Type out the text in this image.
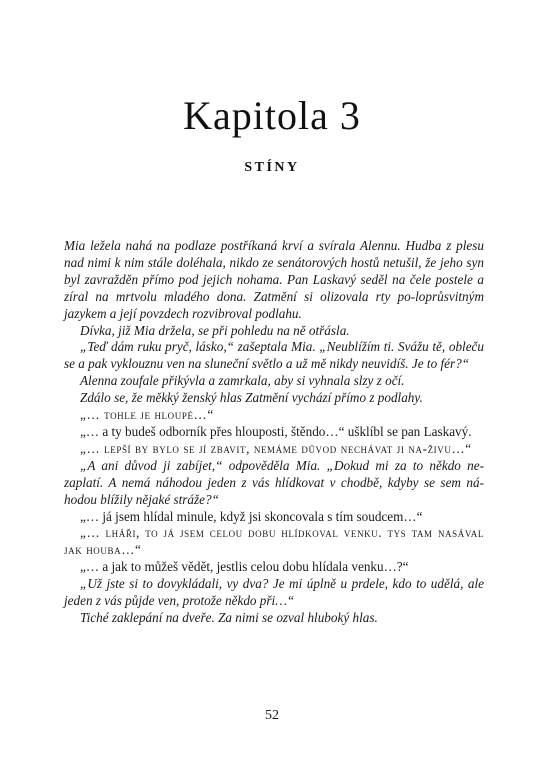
Kapitola 3
STÍNY

Mia ležela nahá na podlaze postříkaná krví a svírala Alennu. Hudba z plesu nad nimi k nim stále doléhala, nikdo ze senátorových hostů netušil, že jeho syn byl zavražděn přímo pod jejich nohama. Pan Laskavý seděl na čele postele a zíral na mrtvolu mladého dona. Zatmění si olizovala rty po-loprůsvitným jazykem a její povzdech rozvibroval podlahu.

Dívka, již Mia držela, se při pohledu na ně otřásla.

„Teď dám ruku pryč, lásko,“ zašeptala Mia. „Neublížím ti. Svážu tě, obleču se a pak vyklouznu ven na sluneční světlo a už mě nikdy neuvidíš. Je to fér?“

Alenna zoufale přikývla a zamrkala, aby si vyhnala slzy z očí.

Zdálo se, že měkký ženský hlas Zatmění vychází přímo z podlahy.

„… tohle je hloupé…“

„… a ty budeš odborník přes hlouposti, štěndo…“ ušklíbl se pan Laskavý.

„… lepší by bylo se jí zbavit, nemáme důvod nechávat ji na-živu…“

„A ani důvod ji zabíjet,“ odpověděla Mia. „Dokud mi za to někdo ne-zaplatí. A nemá náhodou jeden z vás hlídkovat v chodbě, kdyby se sem ná-hodou blížily nějaké stráže?“

„… já jsem hlídal minule, když jsi skoncovala s tím soudcem…“

„… lháři, to já jsem celou dobu hlídkoval venku. tys tam nasával jak houba…“

„… a jak to můžeš vědět, jestlis celou dobu hlídala venku…?“

„Už jste si to dovykládali, vy dva? Je mi úplně u prdele, kdo to udělá, ale jeden z vás půjde ven, protože někdo při…“

Tiché zaklepání na dveře. Za nimi se ozval hluboký hlas.

52
